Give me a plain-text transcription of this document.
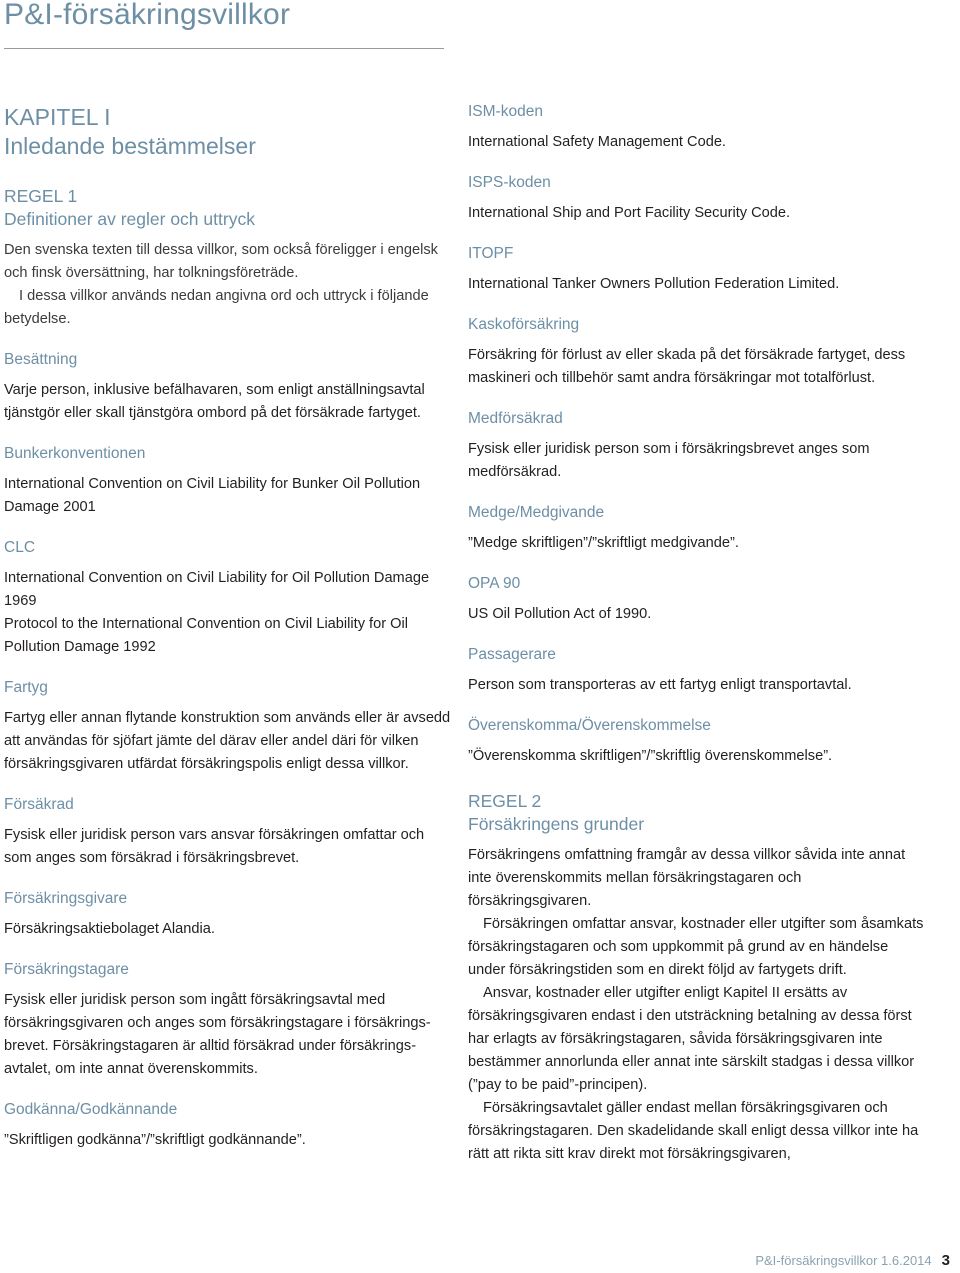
P&I-försäkringsvillkor
KAPITEL I
Inledande bestämmelser
REGEL 1
Definitioner av regler och uttryck

Den svenska texten till dessa villkor, som också föreligger i engelsk och finsk översättning, har tolkningsföreträde.

I dessa villkor används nedan angivna ord och uttryck i följande betydelse.

Besättning

Varje person, inklusive befälhavaren, som enligt anställningsavtal tjänstgör eller skall tjänstgöra ombord på det försäkrade fartyget.

Bunkerkonventionen

International Convention on Civil Liability for Bunker Oil Pollution Damage 2001

CLC

International Convention on Civil Liability for Oil Pollution Damage 1969

Protocol to the International Convention on Civil Liability for Oil Pollution Damage 1992

Fartyg

Fartyg eller annan flytande konstruktion som används eller är avsedd att användas för sjöfart jämte del därav eller andel däri för vilken försäkringsgivaren utfärdat försäkringspolis enligt dessa villkor.

Försäkrad

Fysisk eller juridisk person vars ansvar försäkringen omfattar och som anges som försäkrad i försäkringsbrevet.

Försäkringsgivare

Försäkringsaktiebolaget Alandia.

Försäkringstagare

Fysisk eller juridisk person som ingått försäkringsavtal med försäkringsgivaren och anges som försäkringstagare i försäkrings-brevet. Försäkringstagaren är alltid försäkrad under försäkrings-avtalet, om inte annat överenskommits.

Godkänna/Godkännande

”Skriftligen godkänna”/”skriftligt godkännande”.

ISM-koden

International Safety Management Code.

ISPS-koden

International Ship and Port Facility Security Code.

ITOPF

International Tanker Owners Pollution Federation Limited.

Kaskoförsäkring

Försäkring för förlust av eller skada på det försäkrade fartyget, dess maskineri och tillbehör samt andra försäkringar mot totalförlust.

Medförsäkrad

Fysisk eller juridisk person som i försäkringsbrevet anges som medförsäkrad.

Medge/Medgivande

”Medge skriftligen”/”skriftligt medgivande”.

OPA 90

US Oil Pollution Act of 1990.

Passagerare

Person som transporteras av ett fartyg enligt transportavtal.

Överenskomma/Överenskommelse

”Överenskomma skriftligen”/”skriftlig överenskommelse”.

REGEL 2
Försäkringens grunder

Försäkringens omfattning framgår av dessa villkor såvida inte annat inte överenskommits mellan försäkringstagaren och försäkringsgivaren.

Försäkringen omfattar ansvar, kostnader eller utgifter som åsamkats försäkringstagaren och som uppkommit på grund av en händelse under försäkringstiden som en direkt följd av fartygets drift.

Ansvar, kostnader eller utgifter enligt Kapitel II ersätts av försäkringsgivaren endast i den utsträckning betalning av dessa först har erlagts av försäkringstagaren, såvida försäkringsgivaren inte bestämmer annorlunda eller annat inte särskilt stadgas i dessa villkor (”pay to be paid”-principen).

Försäkringsavtalet gäller endast mellan försäkringsgivaren och försäkringstagaren. Den skadelidande skall enligt dessa villkor inte ha rätt att rikta sitt krav direkt mot försäkringsgivaren,

P&I-försäkringsvillkor 1.6.2014 3
